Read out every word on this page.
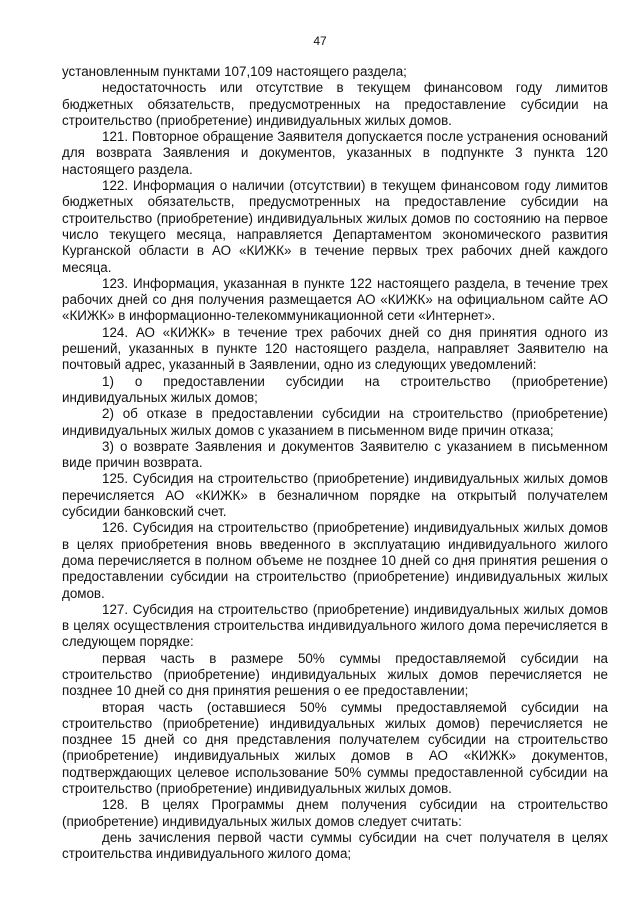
47

установленным пунктами 107,109 настоящего раздела;

недостаточность или отсутствие в текущем финансовом году лимитов бюджетных обязательств, предусмотренных на предоставление субсидии на строительство (приобретение) индивидуальных жилых домов.

121. Повторное обращение Заявителя допускается после устранения оснований для возврата Заявления и документов, указанных в подпункте 3 пункта 120 настоящего раздела.

122. Информация о наличии (отсутствии) в текущем финансовом году лимитов бюджетных обязательств, предусмотренных на предоставление субсидии на строительство (приобретение) индивидуальных жилых домов по состоянию на первое число текущего месяца, направляется Департаментом экономического развития Курганской области в АО «КИЖК» в течение первых трех рабочих дней каждого месяца.

123. Информация, указанная в пункте 122 настоящего раздела, в течение трех рабочих дней со дня получения размещается АО «КИЖК» на официальном сайте АО «КИЖК» в информационно-телекоммуникационной сети «Интернет».

124. АО «КИЖК» в течение трех рабочих дней со дня принятия одного из решений, указанных в пункте 120 настоящего раздела, направляет Заявителю на почтовый адрес, указанный в Заявлении, одно из следующих уведомлений:

1) о предоставлении субсидии на строительство (приобретение) индивидуальных жилых домов;

2) об отказе в предоставлении субсидии на строительство (приобретение) индивидуальных жилых домов с указанием в письменном виде причин отказа;

3) о возврате Заявления и документов Заявителю с указанием в письменном виде причин возврата.

125. Субсидия на строительство (приобретение) индивидуальных жилых домов перечисляется АО «КИЖК» в безналичном порядке на открытый получателем субсидии банковский счет.

126. Субсидия на строительство (приобретение) индивидуальных жилых домов в целях приобретения вновь введенного в эксплуатацию индивидуального жилого дома перечисляется в полном объеме не позднее 10 дней со дня принятия решения о предоставлении субсидии на строительство (приобретение) индивидуальных жилых домов.

127. Субсидия на строительство (приобретение) индивидуальных жилых домов в целях осуществления строительства индивидуального жилого дома перечисляется в следующем порядке:

первая часть в размере 50% суммы предоставляемой субсидии на строительство (приобретение) индивидуальных жилых домов перечисляется не позднее 10 дней со дня принятия решения о ее предоставлении;

вторая часть (оставшиеся 50% суммы предоставляемой субсидии на строительство (приобретение) индивидуальных жилых домов) перечисляется не позднее 15 дней со дня представления получателем субсидии на строительство (приобретение) индивидуальных жилых домов в АО «КИЖК» документов, подтверждающих целевое использование 50% суммы предоставленной субсидии на строительство (приобретение) индивидуальных жилых домов.

128. В целях Программы днем получения субсидии на строительство (приобретение) индивидуальных жилых домов следует считать:

день зачисления первой части суммы субсидии на счет получателя в целях строительства индивидуального жилого дома;
